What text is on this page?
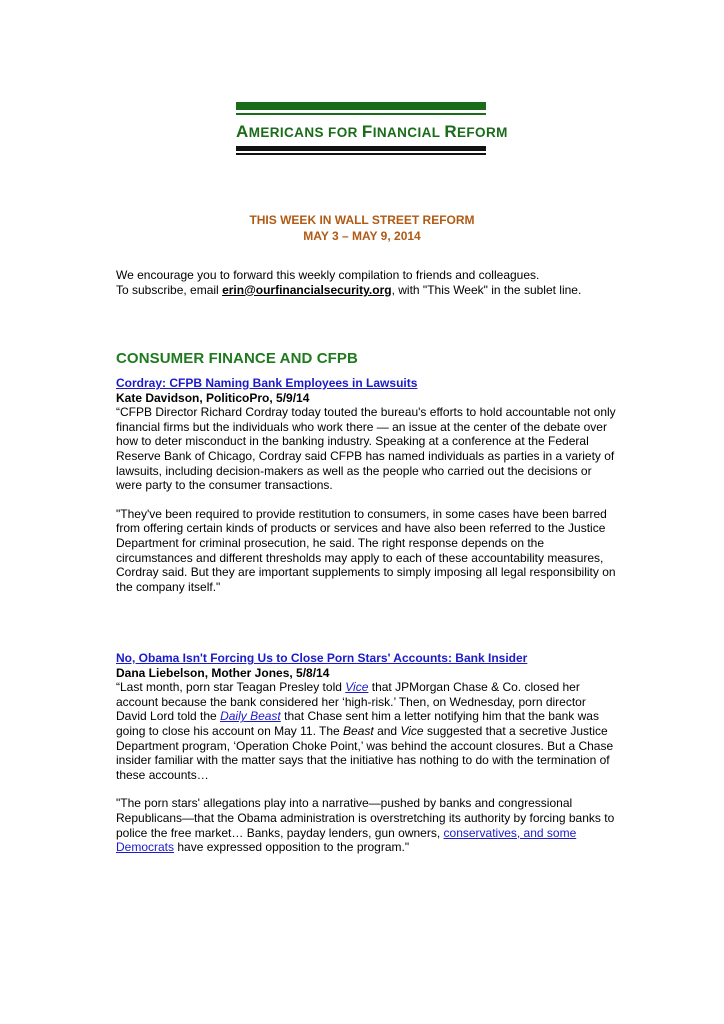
AMERICANS FOR FINANCIAL REFORM
THIS WEEK IN WALL STREET REFORM
MAY 3 – MAY 9, 2014
We encourage you to forward this weekly compilation to friends and colleagues.
To subscribe, email erin@ourfinancialsecurity.org, with "This Week" in the sublet line.
CONSUMER FINANCE AND CFPB
Cordray: CFPB Naming Bank Employees in Lawsuits
Kate Davidson, PoliticoPro, 5/9/14

“CFPB Director Richard Cordray today touted the bureau's efforts to hold accountable not only financial firms but the individuals who work there — an issue at the center of the debate over how to deter misconduct in the banking industry. Speaking at a conference at the Federal Reserve Bank of Chicago, Cordray said CFPB has named individuals as parties in a variety of lawsuits, including decision-makers as well as the people who carried out the decisions or were party to the consumer transactions.

"They've been required to provide restitution to consumers, in some cases have been barred from offering certain kinds of products or services and have also been referred to the Justice Department for criminal prosecution, he said. The right response depends on the circumstances and different thresholds may apply to each of these accountability measures, Cordray said. But they are important supplements to simply imposing all legal responsibility on the company itself."

No, Obama Isn't Forcing Us to Close Porn Stars' Accounts: Bank Insider
Dana Liebelson, Mother Jones, 5/8/14

“Last month, porn star Teagan Presley told Vice that JPMorgan Chase & Co. closed her account because the bank considered her ‘high-risk.’ Then, on Wednesday, porn director David Lord told the Daily Beast that Chase sent him a letter notifying him that the bank was going to close his account on May 11. The Beast and Vice suggested that a secretive Justice Department program, ‘Operation Choke Point,’ was behind the account closures. But a Chase insider familiar with the matter says that the initiative has nothing to do with the termination of these accounts…

"The porn stars' allegations play into a narrative—pushed by banks and congressional Republicans—that the Obama administration is overstretching its authority by forcing banks to police the free market… Banks, payday lenders, gun owners, conservatives, and some Democrats have expressed opposition to the program."
